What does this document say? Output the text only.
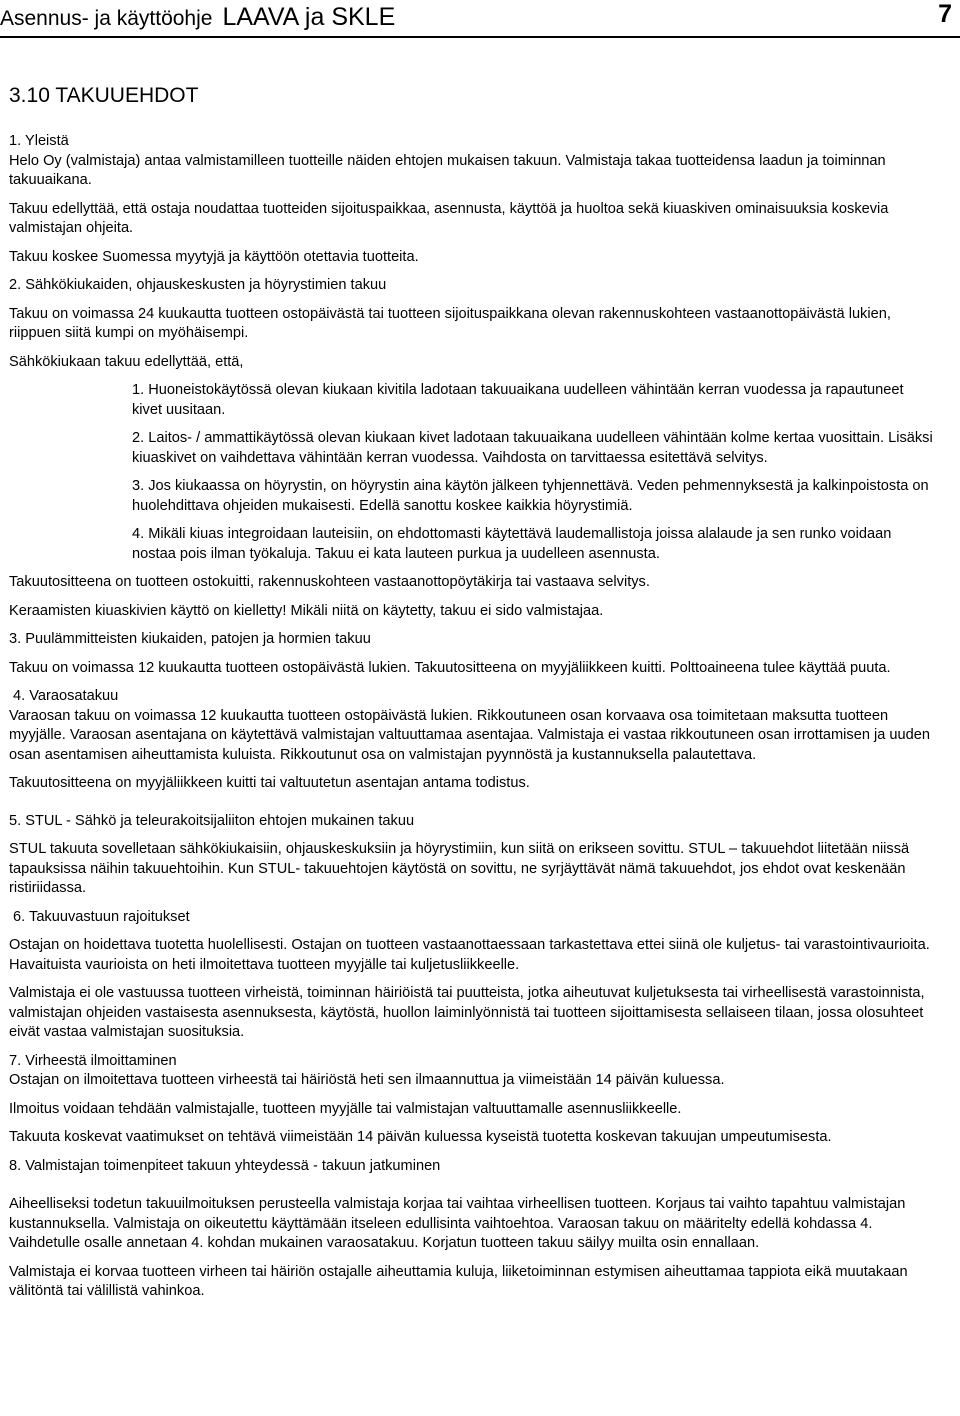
Asennus- ja käyttöohje LAAVA ja SKLE	7
3.10 TAKUUEHDOT

1. Yleistä

Helo Oy (valmistaja) antaa valmistamilleen tuotteille näiden ehtojen mukaisen takuun. Valmistaja takaa tuotteidensa laadun ja toiminnan takuuaikana.

Takuu edellyttää, että ostaja noudattaa tuotteiden sijoituspaikkaa, asennusta, käyttöä ja huoltoa sekä kiuaskiven ominaisuuksia koskevia valmistajan ohjeita.

Takuu koskee Suomessa myytyjä ja käyttöön otettavia tuotteita.

2. Sähkökiukaiden, ohjauskeskusten ja höyrystimien takuu

Takuu on voimassa 24 kuukautta tuotteen ostopäivästä tai tuotteen sijoituspaikkana olevan rakennuskohteen vastaanottopäivästä lukien, riippuen siitä kumpi on myöhäisempi.

Sähkökiukaan takuu edellyttää, että,

1. Huoneistokäytössä olevan kiukaan kivitila ladotaan takuuaikana uudelleen vähintään kerran vuodessa ja rapautuneet kivet uusitaan.

2. Laitos- / ammattikäytössä olevan kiukaan kivet ladotaan takuuaikana uudelleen vähintään kolme kertaa vuosittain. Lisäksi kiuaskivet on vaihdettava vähintään kerran vuodessa. Vaihdosta on tarvittaessa esitettävä selvitys.

3. Jos kiukaassa on höyrystin, on höyrystin aina käytön jälkeen tyhjennettävä. Veden pehmennyksestä ja kalkinpoistosta on huolehdittava ohjeiden mukaisesti. Edellä sanottu koskee kaikkia höyrystimiä.

4. Mikäli kiuas integroidaan lauteisiin, on ehdottomasti käytettävä laudemallistoja joissa alalaude ja sen runko voidaan nostaa pois ilman työkaluja. Takuu ei kata lauteen purkua ja uudelleen asennusta.

Takuutositteena on tuotteen ostokuitti, rakennuskohteen vastaanottopöytäkirja tai vastaava selvitys.

Keraamisten kiuaskivien käyttö on kielletty! Mikäli niitä on käytetty, takuu ei sido valmistajaa.

3. Puulämmitteisten kiukaiden, patojen ja hormien takuu

Takuu on voimassa 12 kuukautta tuotteen ostopäivästä lukien. Takuutositteena on myyjäliikkeen kuitti. Polttoaineena tulee käyttää puuta.

4. Varaosatakuu

Varaosan takuu on voimassa 12 kuukautta tuotteen ostopäivästä lukien. Rikkoutuneen osan korvaava osa toimitetaan maksutta tuotteen myyjälle. Varaosan asentajana on käytettävä valmistajan valtuuttamaa asentajaa. Valmistaja ei vastaa rikkoutuneen osan irrottamisen ja uuden osan asentamisen aiheuttamista kuluista. Rikkoutunut osa on valmistajan pyynnöstä ja kustannuksella palautettava.

Takuutositteena on myyjäliikkeen kuitti tai valtuutetun asentajan antama todistus.

5. STUL - Sähkö ja teleurakoitsijaliiton ehtojen mukainen takuu

STUL takuuta sovelletaan sähkökiukaisiin, ohjauskeskuksiin ja höyrystimiin, kun siitä on erikseen sovittu. STUL – takuuehdot liitetään niissä tapauksissa näihin takuuehtoihin. Kun STUL- takuuehtojen käytöstä on sovittu, ne syrjäyttävät nämä takuuehdot, jos ehdot ovat keskenään ristiriidassa.

6. Takuuvastuun rajoitukset

Ostajan on hoidettava tuotetta huolellisesti. Ostajan on tuotteen vastaanottaessaan tarkastettava ettei siinä ole kuljetus- tai varastointivaurioita. Havaituista vaurioista on heti ilmoitettava tuotteen myyjälle tai kuljetusliikkeelle.

Valmistaja ei ole vastuussa tuotteen virheistä, toiminnan häiriöistä tai puutteista, jotka aiheutuvat kuljetuksesta tai virheellisestä varastoinnista, valmistajan ohjeiden vastaisesta asennuksesta, käytöstä, huollon laiminlyönnistä tai tuotteen sijoittamisesta sellaiseen tilaan, jossa olosuhteet eivät vastaa valmistajan suosituksia.

7. Virheestä ilmoittaminen

Ostajan on ilmoitettava tuotteen virheestä tai häiriöstä heti sen ilmaannuttua ja viimeistään 14 päivän kuluessa.

Ilmoitus voidaan tehdään valmistajalle, tuotteen myyjälle tai valmistajan valtuuttamalle asennusliikkeelle.

Takuuta koskevat vaatimukset on tehtävä viimeistään 14 päivän kuluessa kyseistä tuotetta koskevan takuujan umpeutumisesta.

8. Valmistajan toimenpiteet takuun yhteydessä - takuun jatkuminen

Aiheelliseksi todetun takuuilmoituksen perusteella valmistaja korjaa tai vaihtaa virheellisen tuotteen. Korjaus tai vaihto tapahtuu valmistajan kustannuksella. Valmistaja on oikeutettu käyttämään itseleen edullisinta vaihtoehtoa. Varaosan takuu on määritelty edellä kohdassa 4. Vaihdetulle osalle annetaan 4. kohdan mukainen varaosatakuu. Korjatun tuotteen takuu säilyy muilta osin ennallaan.

Valmistaja ei korvaa tuotteen virheen tai häiriön ostajalle aiheuttamia kuluja, liiketoiminnan estymisen aiheuttamaa tappiota eikä muutakaan välitöntä tai välillistä vahinkoa.
